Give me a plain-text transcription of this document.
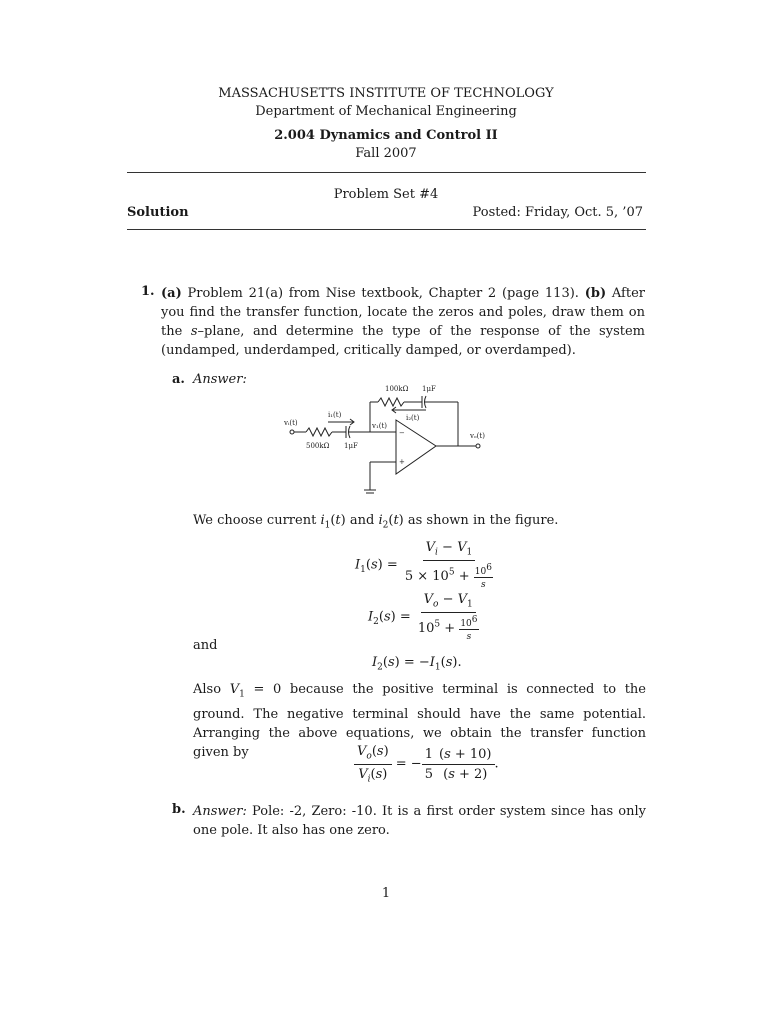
MASSACHUSETTS INSTITUTE OF TECHNOLOGY
Department of Mechanical Engineering
2.004 Dynamics and Control II
Fall 2007
Problem Set #4
Solution	Posted: Friday, Oct. 5, ’07
1. (a) Problem 21(a) from Nise textbook, Chapter 2 (page 113). (b) After you find the transfer function, locate the zeros and poles, draw them on the s–plane, and determine the type of the response of the system (undamped, underdamped, critically damped, or overdamped).
a. Answer:
100kΩ 1μF
i₂(t)
i₁(t)
vᵢ(t)	v₁(t)
vₒ(t)
500kΩ 1μF
−
+
We choose current $i_1(t)$ and $i_2(t)$ as shown in the figure.
$I_1(s) = \frac{V_i - V_1}{5 \times 10^5 + \frac{10^6}{s}}$
$I_2(s) = \frac{V_o - V_1}{10^5 + \frac{10^6}{s}}$
and
$I_2(s) = -I_1(s)$.
Also $V_1 = 0$ because the positive terminal is connected to the ground. The negative terminal should have the same potential. Arranging the above equations, we obtain the transfer function given by	$\frac{V_o(s)}{V_i(s)}$ = − $\frac{1}{5} \frac{(s + 10)}{(s + 2)}$ .
b. Answer: Pole: -2, Zero: -10. It is a first order system since has only one pole. It also has one zero.
1
